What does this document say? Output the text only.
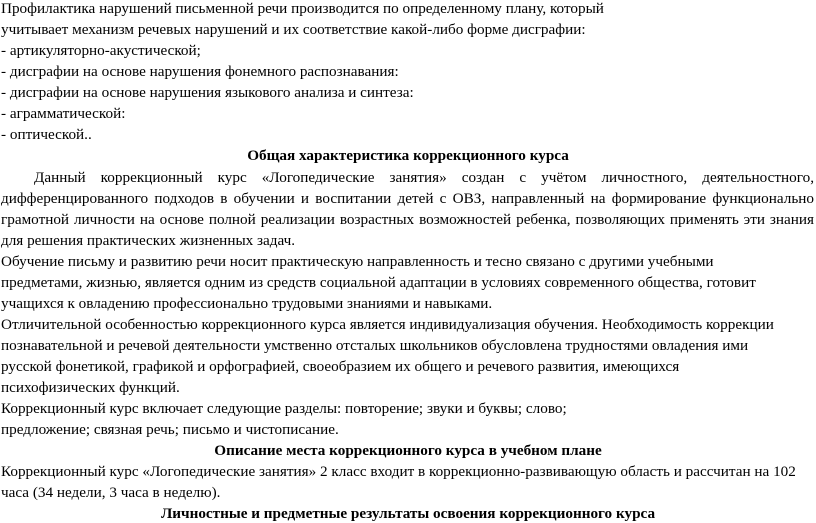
Профилактика нарушений письменной речи производится по определенному плану, который
учитывает механизм речевых нарушений и их соответствие какой-либо форме дисграфии:
- артикуляторно-акустической;
- дисграфии на основе нарушения фонемного распознавания:
- дисграфии на основе нарушения языкового анализа и синтеза:
- аграмматической:
- оптической..
Общая характеристика коррекционного курса
Данный коррекционный курс «Логопедические занятия» создан с учётом личностного, деятельностного,
дифференцированного подходов в обучении и воспитании детей с ОВЗ, направленный на формирование функционально
грамотной личности на основе полной реализации возрастных возможностей ребенка, позволяющих применять эти знания
для решения практических жизненных задач.
Обучение письму и развитию речи носит практическую направленность и тесно связано с другими учебными
предметами, жизнью, является одним из средств социальной адаптации в условиях современного общества, готовит
учащихся к овладению профессионально трудовыми знаниями и навыками.
Отличительной особенностью коррекционного курса является индивидуализация обучения. Необходимость коррекции
познавательной и речевой деятельности умственно отсталых школьников обусловлена трудностями овладения ими
русской фонетикой, графикой и орфографией, своеобразием их общего и речевого развития, имеющихся
психофизических функций.
Коррекционный курс включает следующие разделы: повторение; звуки и буквы; слово;
предложение; связная речь; письмо и чистописание.
Описание места коррекционного курса в учебном плане
Коррекционный курс «Логопедические занятия» 2 класс входит в коррекционно-развивающую область и рассчитан на 102
часа (34 недели, 3 часа в неделю).
Личностные и предметные результаты освоения коррекционного курса
